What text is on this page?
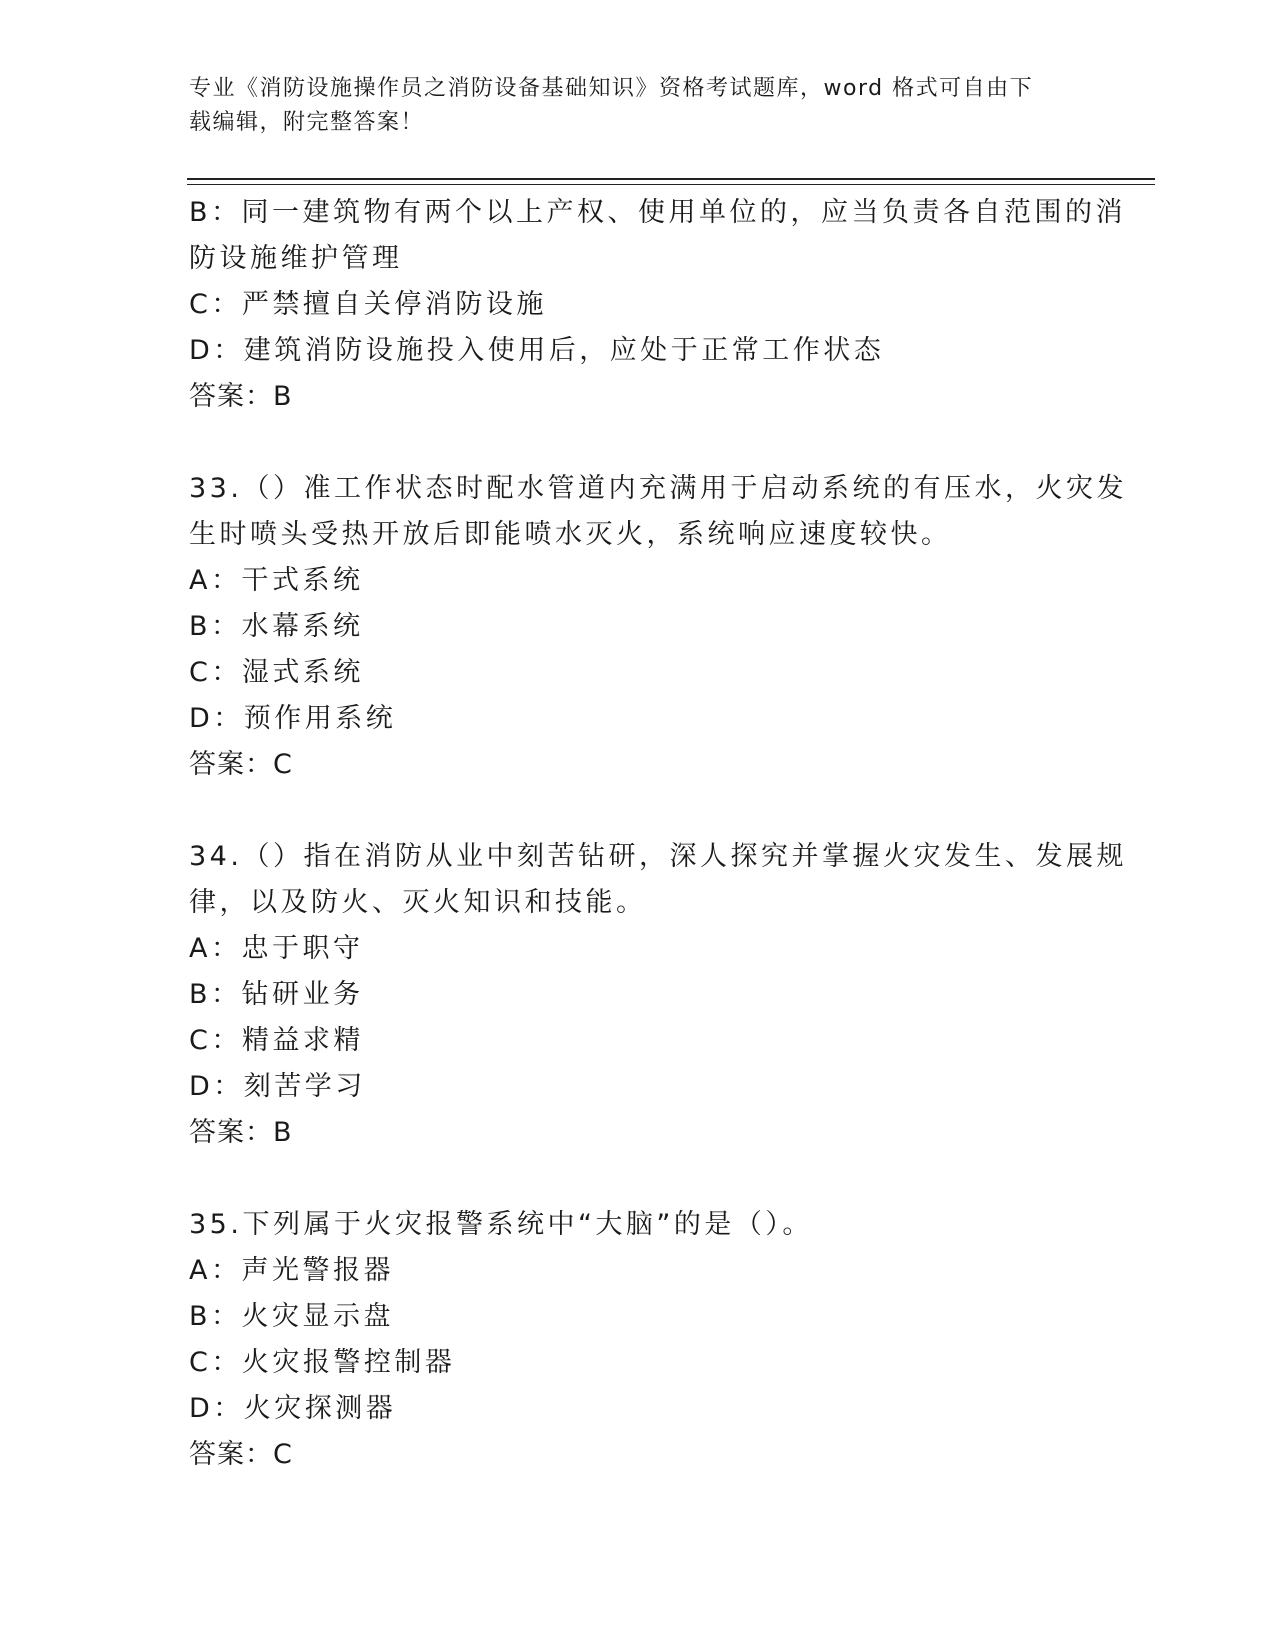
专业《消防设施操作员之消防设备基础知识》资格考试题库，word 格式可自由下
载编辑，附完整答案！
B：同一建筑物有两个以上产权、使用单位的，应当负责各自范围的消
防设施维护管理
C：严禁擅自关停消防设施
D：建筑消防设施投入使用后，应处于正常工作状态
答案：B
33.（）准工作状态时配水管道内充满用于启动系统的有压水，火灾发
生时喷头受热开放后即能喷水灭火，系统响应速度较快。
A：干式系统
B：水幕系统
C：湿式系统
D：预作用系统
答案：C
34.（）指在消防从业中刻苦钻研，深人探究并掌握火灾发生、发展规
律，以及防火、灭火知识和技能。
A：忠于职守
B：钻研业务
C：精益求精
D：刻苦学习
答案：B
35.下列属于火灾报警系统中“大脑”的是（）。
A：声光警报器
B：火灾显示盘
C：火灾报警控制器
D：火灾探测器
答案：C
